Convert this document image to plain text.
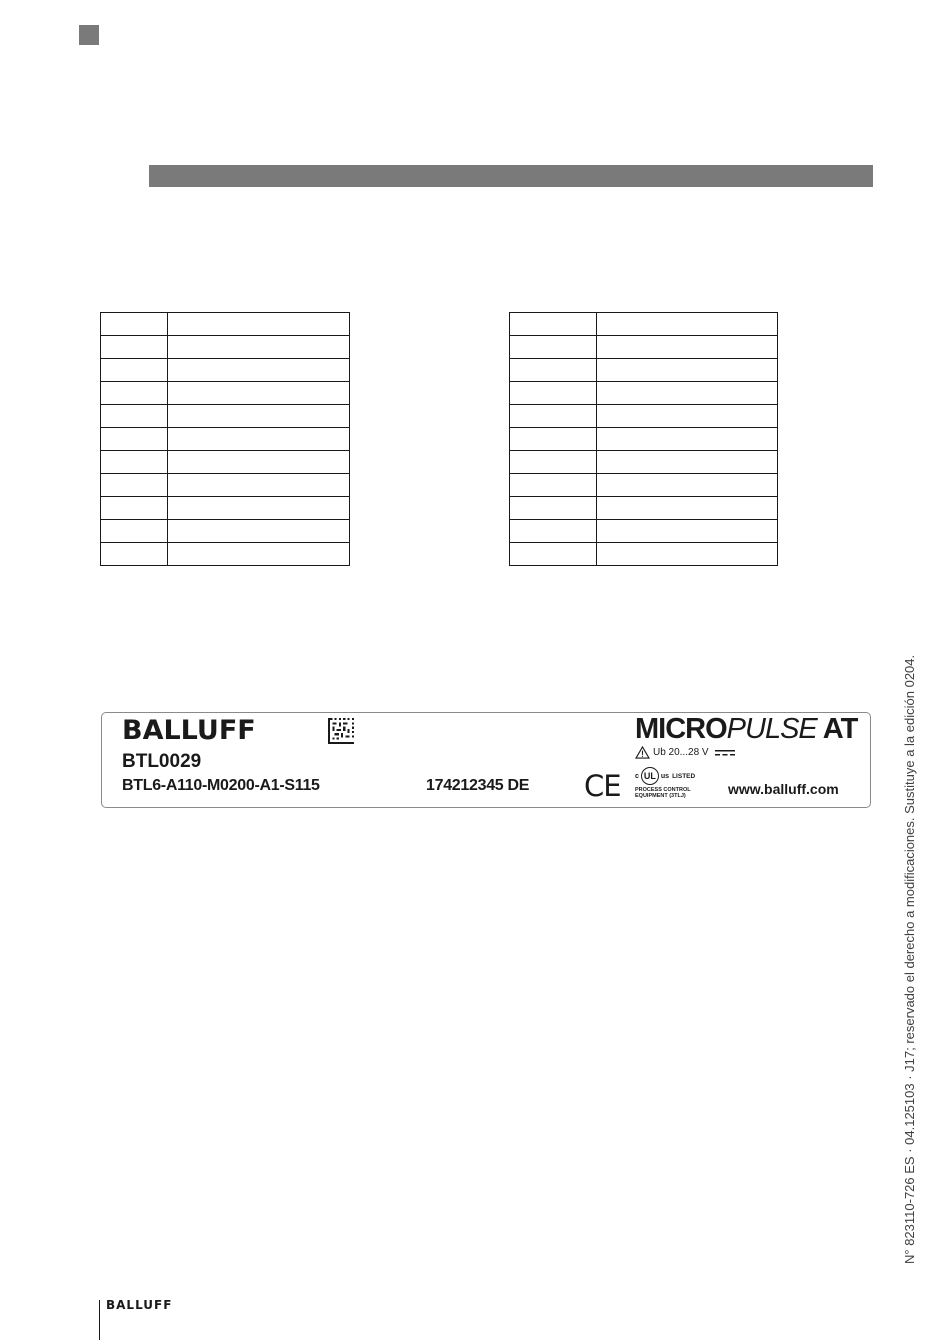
BALLUFF
BTL0029
BTL6-A110-M0200-A1-S115	174212345 DE CE
MICROPULSE AT
Ub 20...28 V
c UL us LISTED
PROCESS CONTROL
EQUIPMENT (3TLJ)	www.balluff.com	N° 823110-726 ES · 04.125103 · J17; reservado el derecho a modificaciones. Sustituye a la edición 0204.
BALLUFF
